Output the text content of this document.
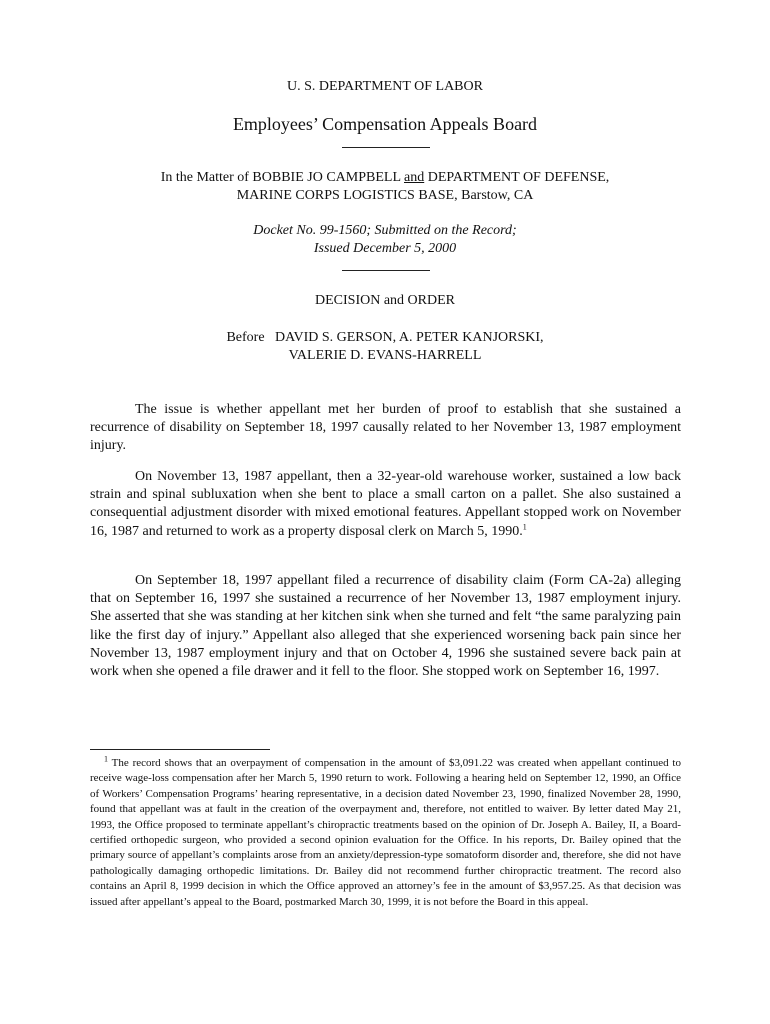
U. S. DEPARTMENT OF LABOR
Employees’ Compensation Appeals Board
In the Matter of BOBBIE JO CAMPBELL and DEPARTMENT OF DEFENSE,
MARINE CORPS LOGISTICS BASE, Barstow, CA
Docket No. 99-1560; Submitted on the Record;
Issued December 5, 2000
DECISION and ORDER
Before   DAVID S. GERSON, A. PETER KANJORSKI,
VALERIE D. EVANS-HARRELL

The issue is whether appellant met her burden of proof to establish that she sustained a recurrence of disability on September 18, 1997 causally related to her November 13, 1987 employment injury.

On November 13, 1987 appellant, then a 32-year-old warehouse worker, sustained a low back strain and spinal subluxation when she bent to place a small carton on a pallet. She also sustained a consequential adjustment disorder with mixed emotional features. Appellant stopped work on November 16, 1987 and returned to work as a property disposal clerk on March 5, 1990.$^1$

On September 18, 1997 appellant filed a recurrence of disability claim (Form CA-2a) alleging that on September 16, 1997 she sustained a recurrence of her November 13, 1987 employment injury. She asserted that she was standing at her kitchen sink when she turned and felt “the same paralyzing pain like the first day of injury.” Appellant also alleged that she experienced worsening back pain since her November 13, 1987 employment injury and that on October 4, 1996 she sustained severe back pain at work when she opened a file drawer and it fell to the floor. She stopped work on September 16, 1997.

$^1$ The record shows that an overpayment of compensation in the amount of $3,091.22 was created when appellant continued to receive wage-loss compensation after her March 5, 1990 return to work. Following a hearing held on September 12, 1990, an Office of Workers’ Compensation Programs’ hearing representative, in a decision dated November 23, 1990, finalized November 28, 1990, found that appellant was at fault in the creation of the overpayment and, therefore, not entitled to waiver. By letter dated May 21, 1993, the Office proposed to terminate appellant’s chiropractic treatments based on the opinion of Dr. Joseph A. Bailey, II, a Board-certified orthopedic surgeon, who provided a second opinion evaluation for the Office. In his reports, Dr. Bailey opined that the primary source of appellant’s complaints arose from an anxiety/depression-type somatoform disorder and, therefore, she did not have pathologically damaging orthopedic limitations. Dr. Bailey did not recommend further chiropractic treatment. The record also contains an April 8, 1999 decision in which the Office approved an attorney’s fee in the amount of $3,957.25. As that decision was issued after appellant’s appeal to the Board, postmarked March 30, 1999, it is not before the Board in this appeal.
